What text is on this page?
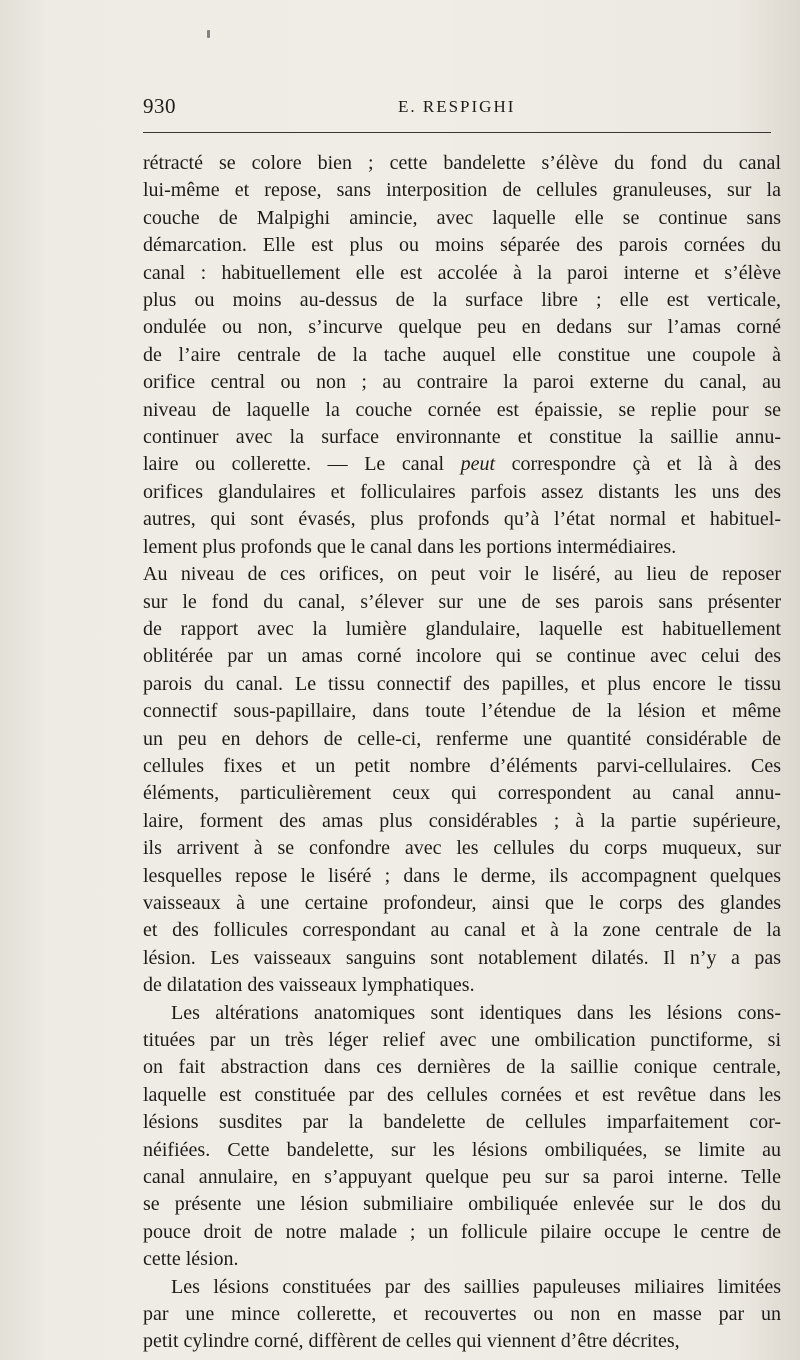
930	E. RESPIGHI
rétracté se colore bien ; cette bandelette s’élève du fond du canal
lui-même et repose, sans interposition de cellules granuleuses, sur la
couche de Malpighi amincie, avec laquelle elle se continue sans
démarcation. Elle est plus ou moins séparée des parois cornées du
canal : habituellement elle est accolée à la paroi interne et s’élève
plus ou moins au-dessus de la surface libre ; elle est verticale,
ondulée ou non, s’incurve quelque peu en dedans sur l’amas corné
de l’aire centrale de la tache auquel elle constitue une coupole à
orifice central ou non ; au contraire la paroi externe du canal, au
niveau de laquelle la couche cornée est épaissie, se replie pour se
continuer avec la surface environnante et constitue la saillie annu-
laire ou collerette. — Le canal peut correspondre çà et là à des
orifices glandulaires et folliculaires parfois assez distants les uns des
autres, qui sont évasés, plus profonds qu’à l’état normal et habituel-
lement plus profonds que le canal dans les portions intermédiaires.
Au niveau de ces orifices, on peut voir le liséré, au lieu de reposer
sur le fond du canal, s’élever sur une de ses parois sans présenter
de rapport avec la lumière glandulaire, laquelle est habituellement
oblitérée par un amas corné incolore qui se continue avec celui des
parois du canal. Le tissu connectif des papilles, et plus encore le tissu
connectif sous-papillaire, dans toute l’étendue de la lésion et même
un peu en dehors de celle-ci, renferme une quantité considérable de
cellules fixes et un petit nombre d’éléments parvi-cellulaires. Ces
éléments, particulièrement ceux qui correspondent au canal annu-
laire, forment des amas plus considérables ; à la partie supérieure,
ils arrivent à se confondre avec les cellules du corps muqueux, sur
lesquelles repose le liséré ; dans le derme, ils accompagnent quelques
vaisseaux à une certaine profondeur, ainsi que le corps des glandes
et des follicules correspondant au canal et à la zone centrale de la
lésion. Les vaisseaux sanguins sont notablement dilatés. Il n’y a pas
de dilatation des vaisseaux lymphatiques.
Les altérations anatomiques sont identiques dans les lésions cons-
tituées par un très léger relief avec une ombilication punctiforme, si
on fait abstraction dans ces dernières de la saillie conique centrale,
laquelle est constituée par des cellules cornées et est revêtue dans les
lésions susdites par la bandelette de cellules imparfaitement cor-
néifiées. Cette bandelette, sur les lésions ombiliquées, se limite au
canal annulaire, en s’appuyant quelque peu sur sa paroi interne. Telle
se présente une lésion submiliaire ombiliquée enlevée sur le dos du
pouce droit de notre malade ; un follicule pilaire occupe le centre de
cette lésion.
Les lésions constituées par des saillies papuleuses miliaires limitées
par une mince collerette, et recouvertes ou non en masse par un
petit cylindre corné, diffèrent de celles qui viennent d’être décrites,
